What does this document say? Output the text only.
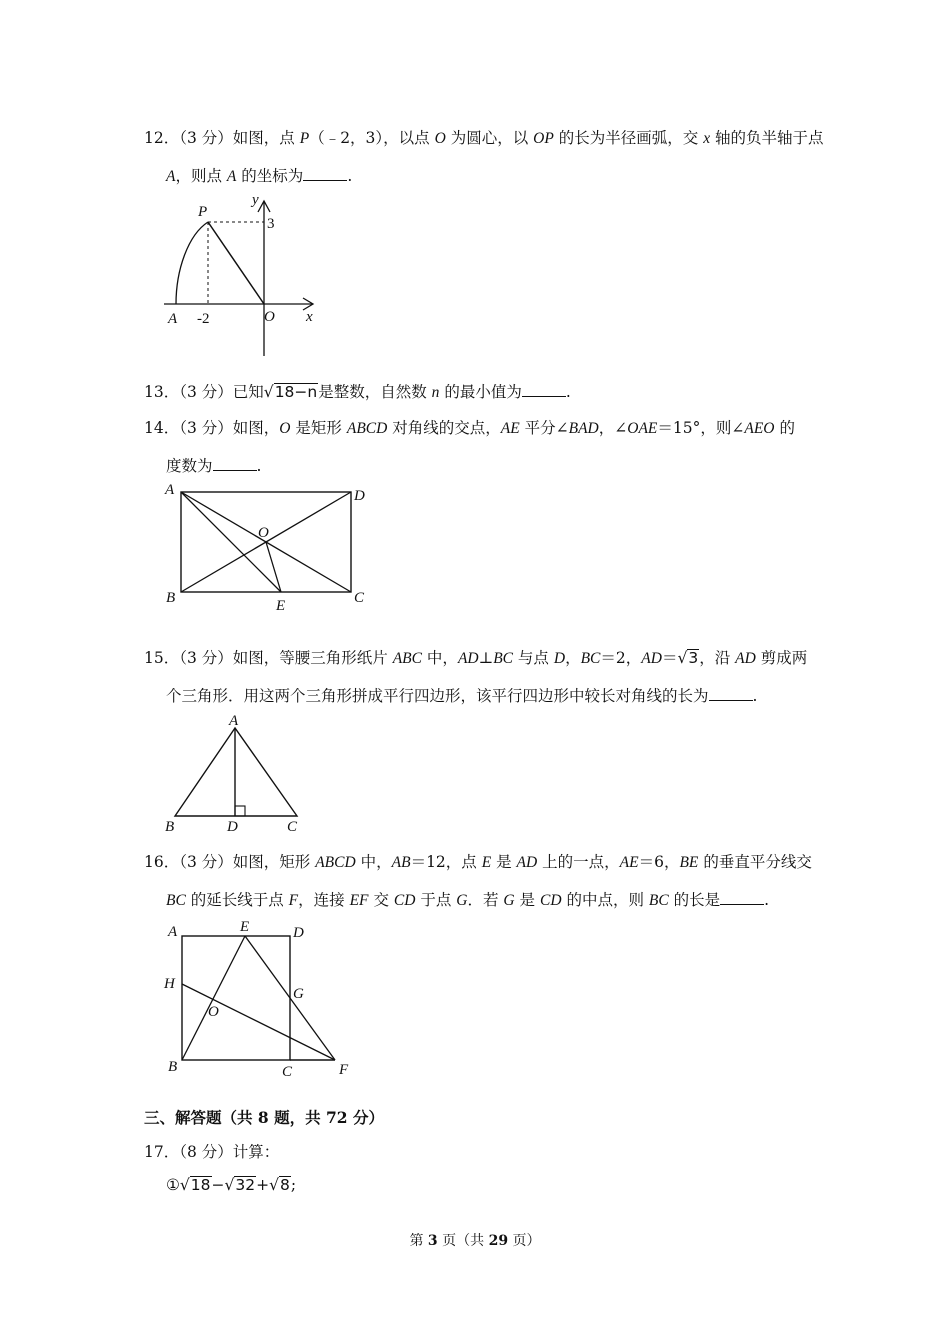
12．（3 分）如图，点 P（﹣2，3），以点 O 为圆心，以 OP 的长为半径画弧，交 x 轴的负半轴于点
A，则点 A 的坐标为	.
y
3
P
A -2	O x
13．（3 分）已知√18−n是整数，自然数 n 的最小值为	.
14．（3 分）如图，O 是矩形 ABCD 对角线的交点，AE 平分∠BAD，∠OAE＝15°，则∠AEO 的
度数为	.
A	D
O
B	E	C
15．（3 分）如图，等腰三角形纸片 ABC 中，AD⊥BC 与点 D，BC＝2，AD＝√3，沿 AD 剪成两
个三角形．用这两个三角形拼成平行四边形，该平行四边形中较长对角线的长为	.
A
B	D	C
16．（3 分）如图，矩形 ABCD 中，AB＝12，点 E 是 AD 上的一点，AE＝6，BE 的垂直平分线交
BC 的延长线于点 F，连接 EF 交 CD 于点 G．若 G 是 CD 的中点，则 BC 的长是	.
A	E	D
H
G
O
B	C	F
三、解答题（共 8 题，共 72 分）
17．（8 分）计算：
①√18−√32+√8;
第 3 页（共 29 页）
